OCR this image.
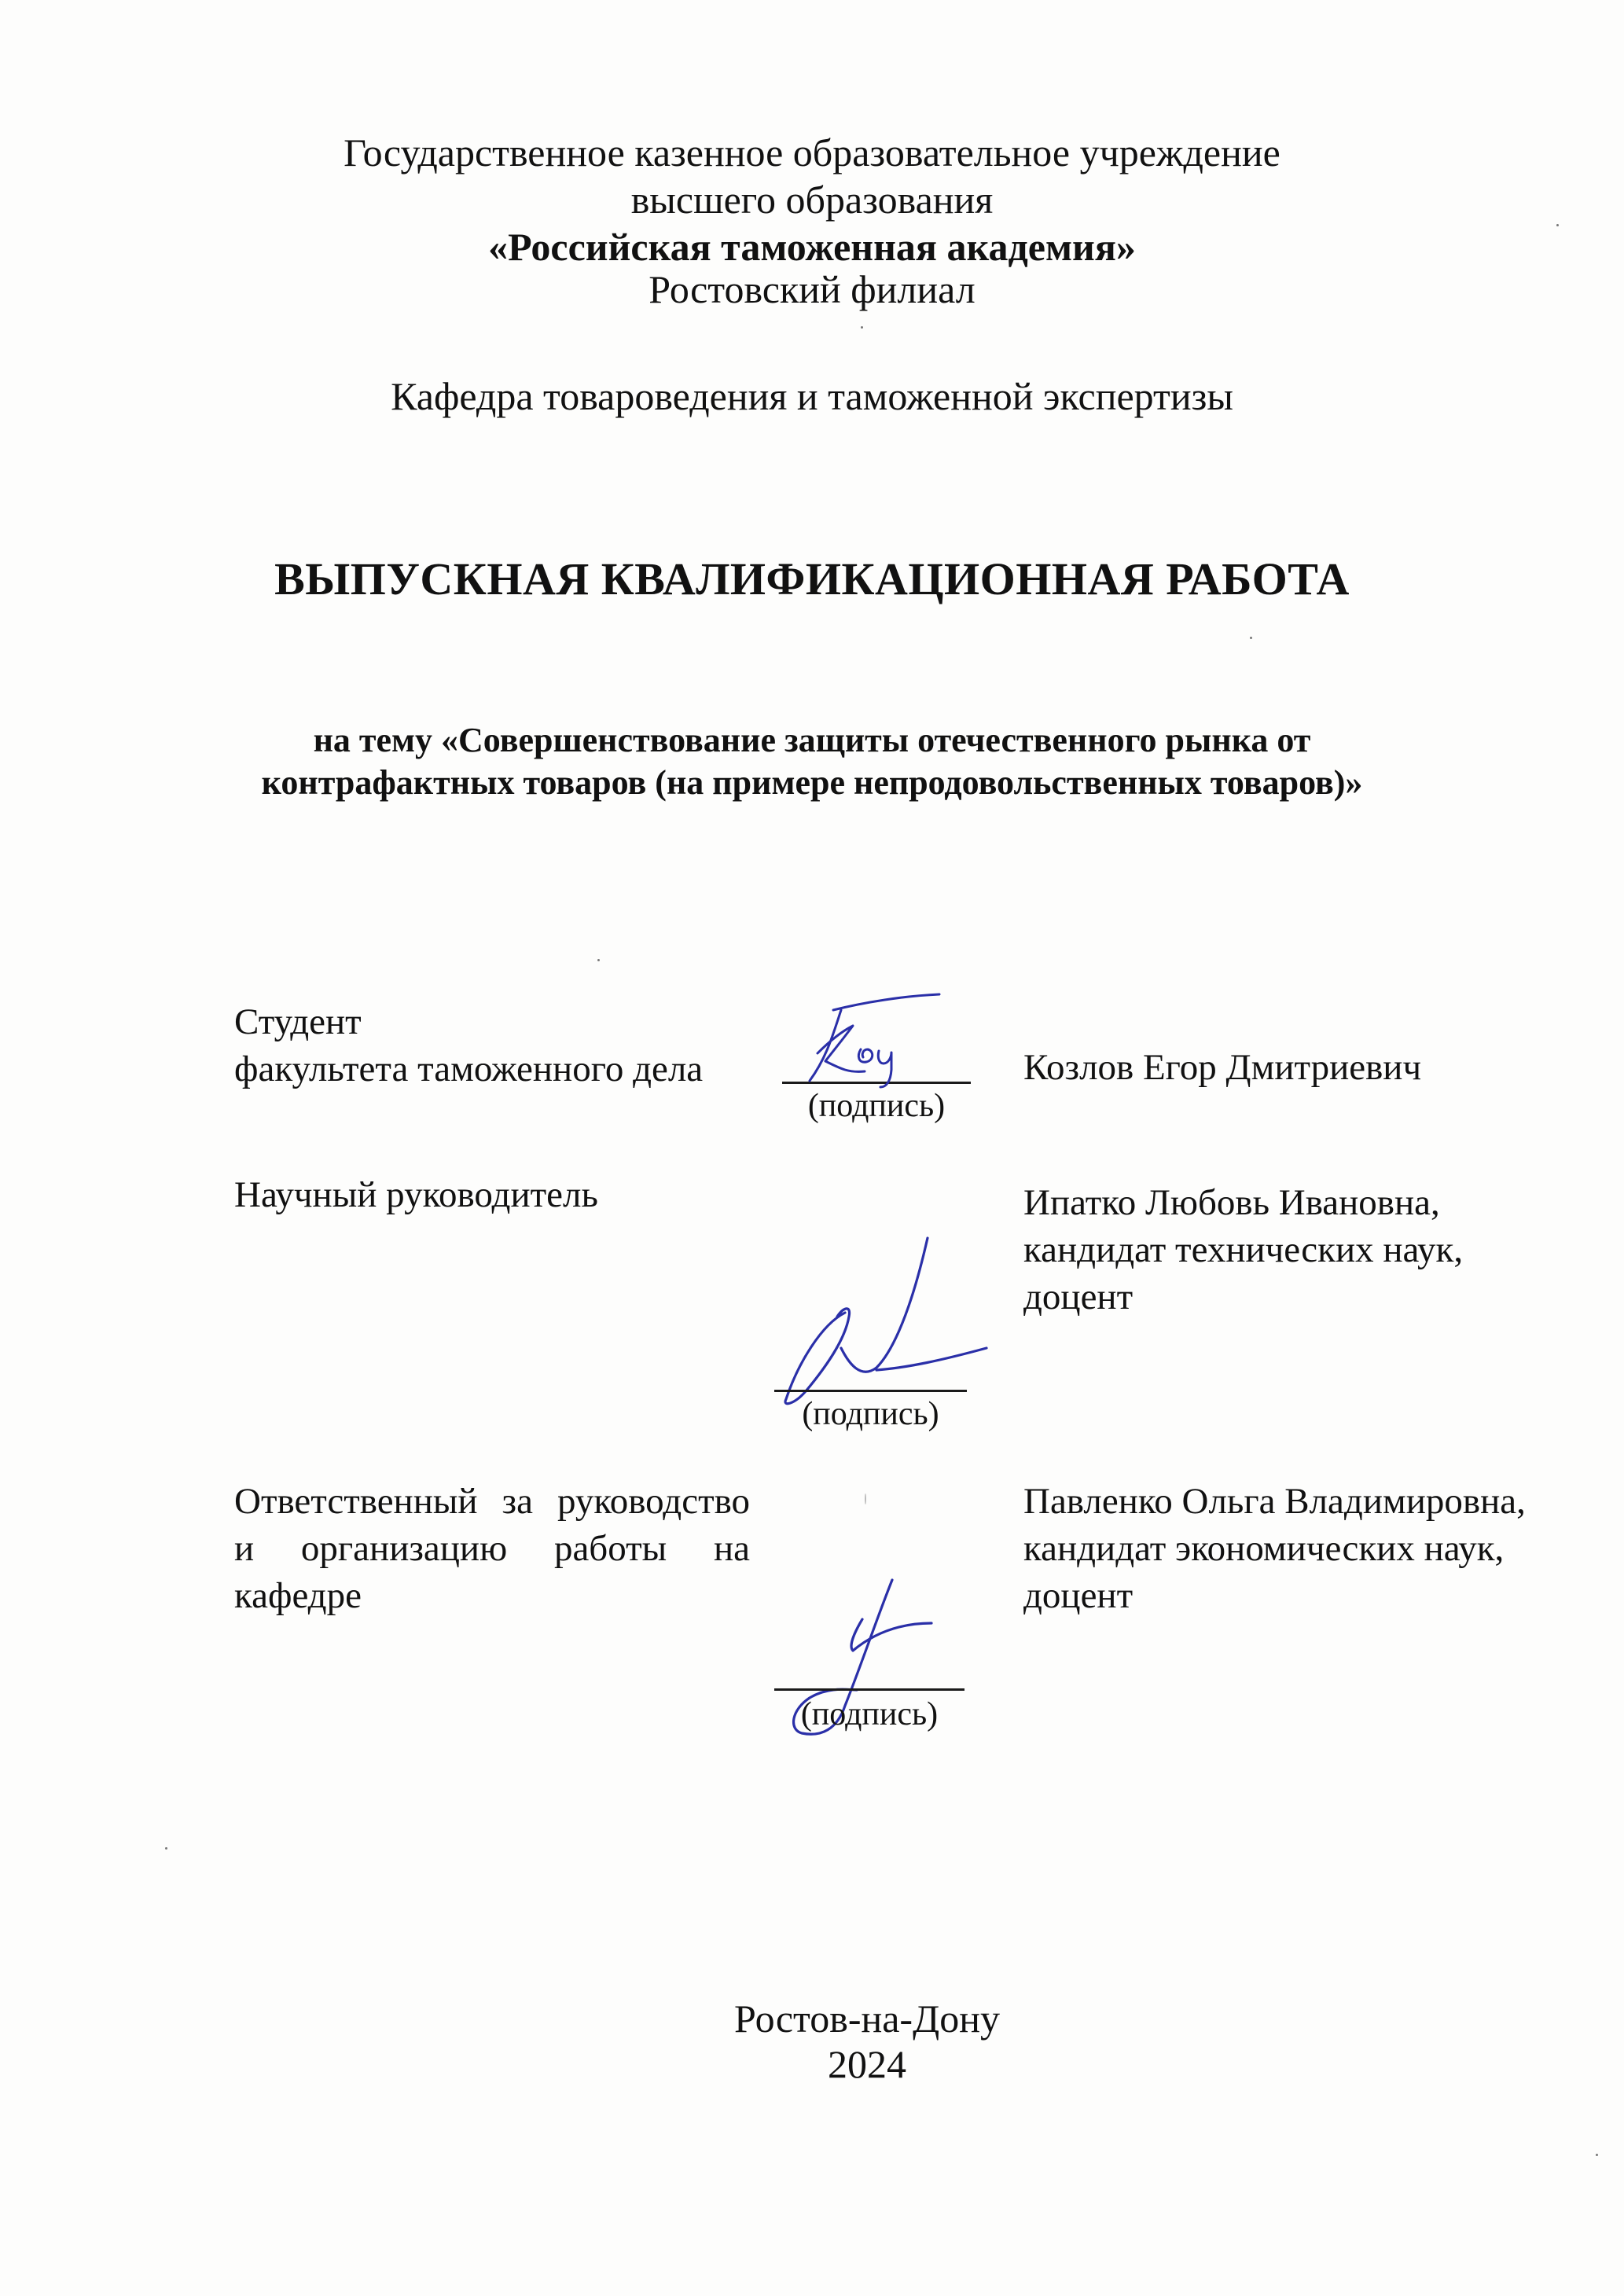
Государственное казенное образовательное учреждение
высшего образования
«Российская таможенная академия»
Ростовский филиал
Кафедра товароведения и таможенной экспертизы
ВЫПУСКНАЯ КВАЛИФИКАЦИОННАЯ РАБОТА
на тему «Совершенствование защиты отечественного рынка от
контрафактных товаров (на примере непродовольственных товаров)»
Студент
факультета таможенного дела
(подпись)
Козлов Егор Дмитриевич
Научный руководитель	Ипатко Любовь Ивановна,
кандидат технических наук,
доцент
(подпись)
Ответственный за руководство
и организацию работы на
кафедре
Павленко Ольга Владимировна,
кандидат экономических наук,
доцент
(подпись)
Ростов-на-Дону
2024
